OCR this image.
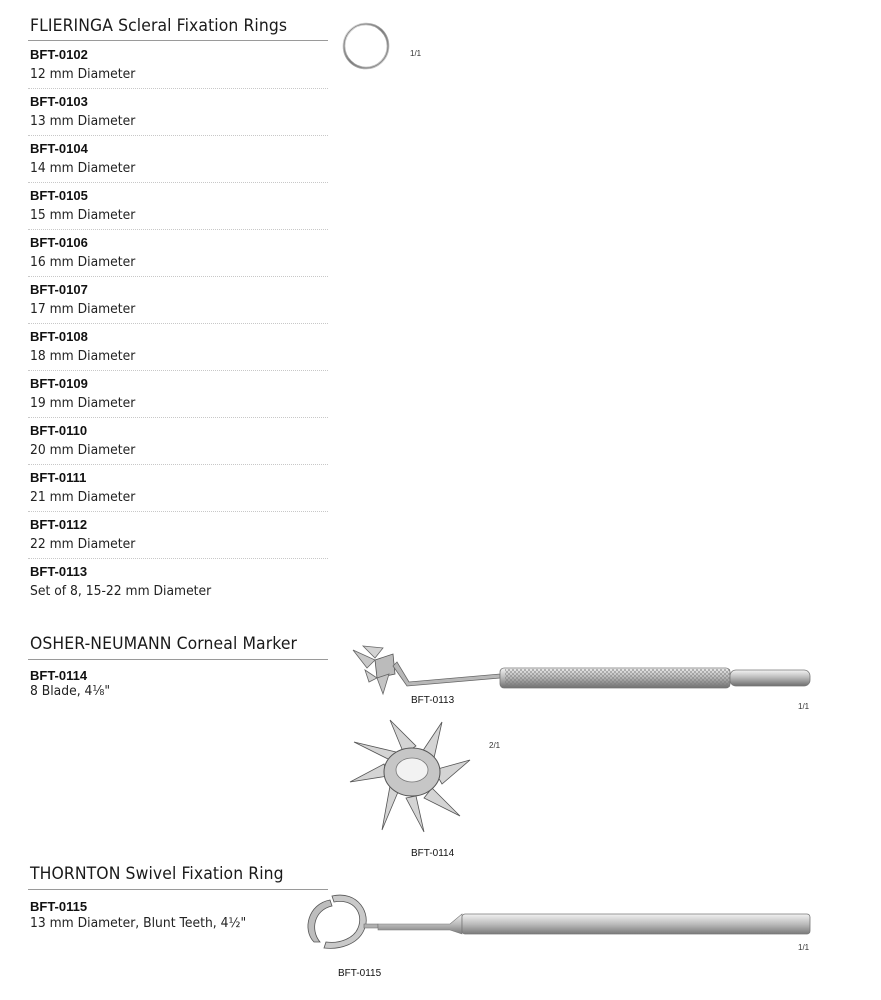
FLIERINGA Scleral Fixation Rings
BFT-0102
12 mm Diameter
BFT-0103
13 mm Diameter
BFT-0104
14 mm Diameter
BFT-0105
15 mm Diameter
BFT-0106
16 mm Diameter
BFT-0107
17 mm Diameter
BFT-0108
18 mm Diameter
BFT-0109
19 mm Diameter
BFT-0110
20 mm Diameter
BFT-0111
21 mm Diameter
BFT-0112
22 mm Diameter
BFT-0113
Set of 8, 15-22 mm Diameter
1/1
OSHER-NEUMANN Corneal Marker
BFT-0114
8 Blade, 4⅛"
BFT-0113
1/1
2/1
BFT-0114
THORNTON Swivel Fixation Ring
BFT-0115
13 mm Diameter, Blunt Teeth, 4½"
BFT-0115
1/1
